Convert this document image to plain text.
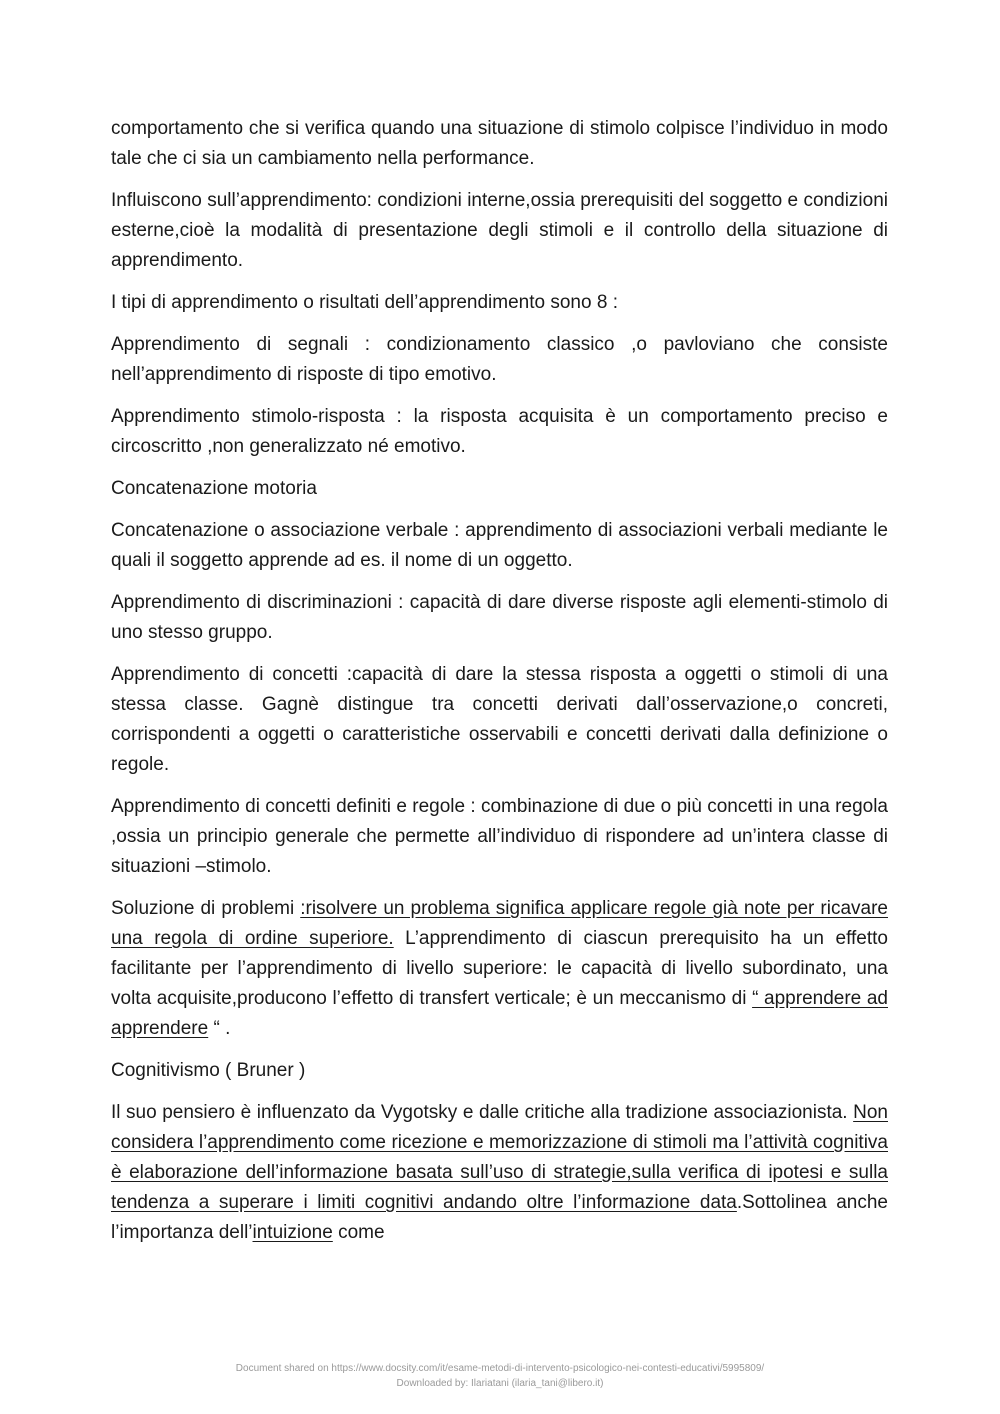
comportamento che si verifica quando una situazione di stimolo colpisce l’individuo in modo tale che ci sia un cambiamento nella performance.

Influiscono sull’apprendimento: condizioni interne,ossia prerequisiti del soggetto e condizioni esterne,cioè la modalità di presentazione degli stimoli e il controllo della situazione di apprendimento.

I tipi di apprendimento o risultati dell’apprendimento sono 8 :

Apprendimento di segnali : condizionamento classico ,o pavloviano che consiste nell’apprendimento di risposte di tipo emotivo.

Apprendimento stimolo-risposta : la risposta acquisita è un comportamento preciso e circoscritto ,non generalizzato né emotivo.

Concatenazione motoria

Concatenazione o associazione verbale : apprendimento di associazioni verbali mediante le quali il soggetto apprende ad es. il nome di un oggetto.

Apprendimento di discriminazioni : capacità di dare diverse risposte agli elementi-stimolo di uno stesso gruppo.

Apprendimento di concetti :capacità di dare la stessa risposta a oggetti o stimoli di una stessa classe. Gagnè distingue tra concetti derivati dall’osservazione,o concreti, corrispondenti a oggetti o caratteristiche osservabili e concetti derivati dalla definizione o regole.

Apprendimento di concetti definiti e regole : combinazione di due o più concetti in una regola ,ossia un principio generale che permette all’individuo di rispondere ad un’intera classe di situazioni –stimolo.

Soluzione di problemi :risolvere un problema significa applicare regole già note per ricavare una regola di ordine superiore. L’apprendimento di ciascun prerequisito ha un effetto facilitante per l’apprendimento di livello superiore: le capacità di livello subordinato, una volta acquisite,producono l’effetto di transfert verticale; è un meccanismo di “ apprendere ad apprendere “ .

Cognitivismo ( Bruner )

Il suo pensiero è influenzato da Vygotsky e dalle critiche alla tradizione associazionista. Non considera l’apprendimento come ricezione e memorizzazione di stimoli ma l’attività cognitiva è elaborazione dell’informazione basata sull’uso di strategie,sulla verifica di ipotesi e sulla tendenza a superare i limiti cognitivi andando oltre l’informazione data.Sottolinea anche l’importanza dell’intuizione come

Document shared on https://www.docsity.com/it/esame-metodi-di-intervento-psicologico-nei-contesti-educativi/5995809/
Downloaded by: Ilariatani (ilaria_tani@libero.it)
